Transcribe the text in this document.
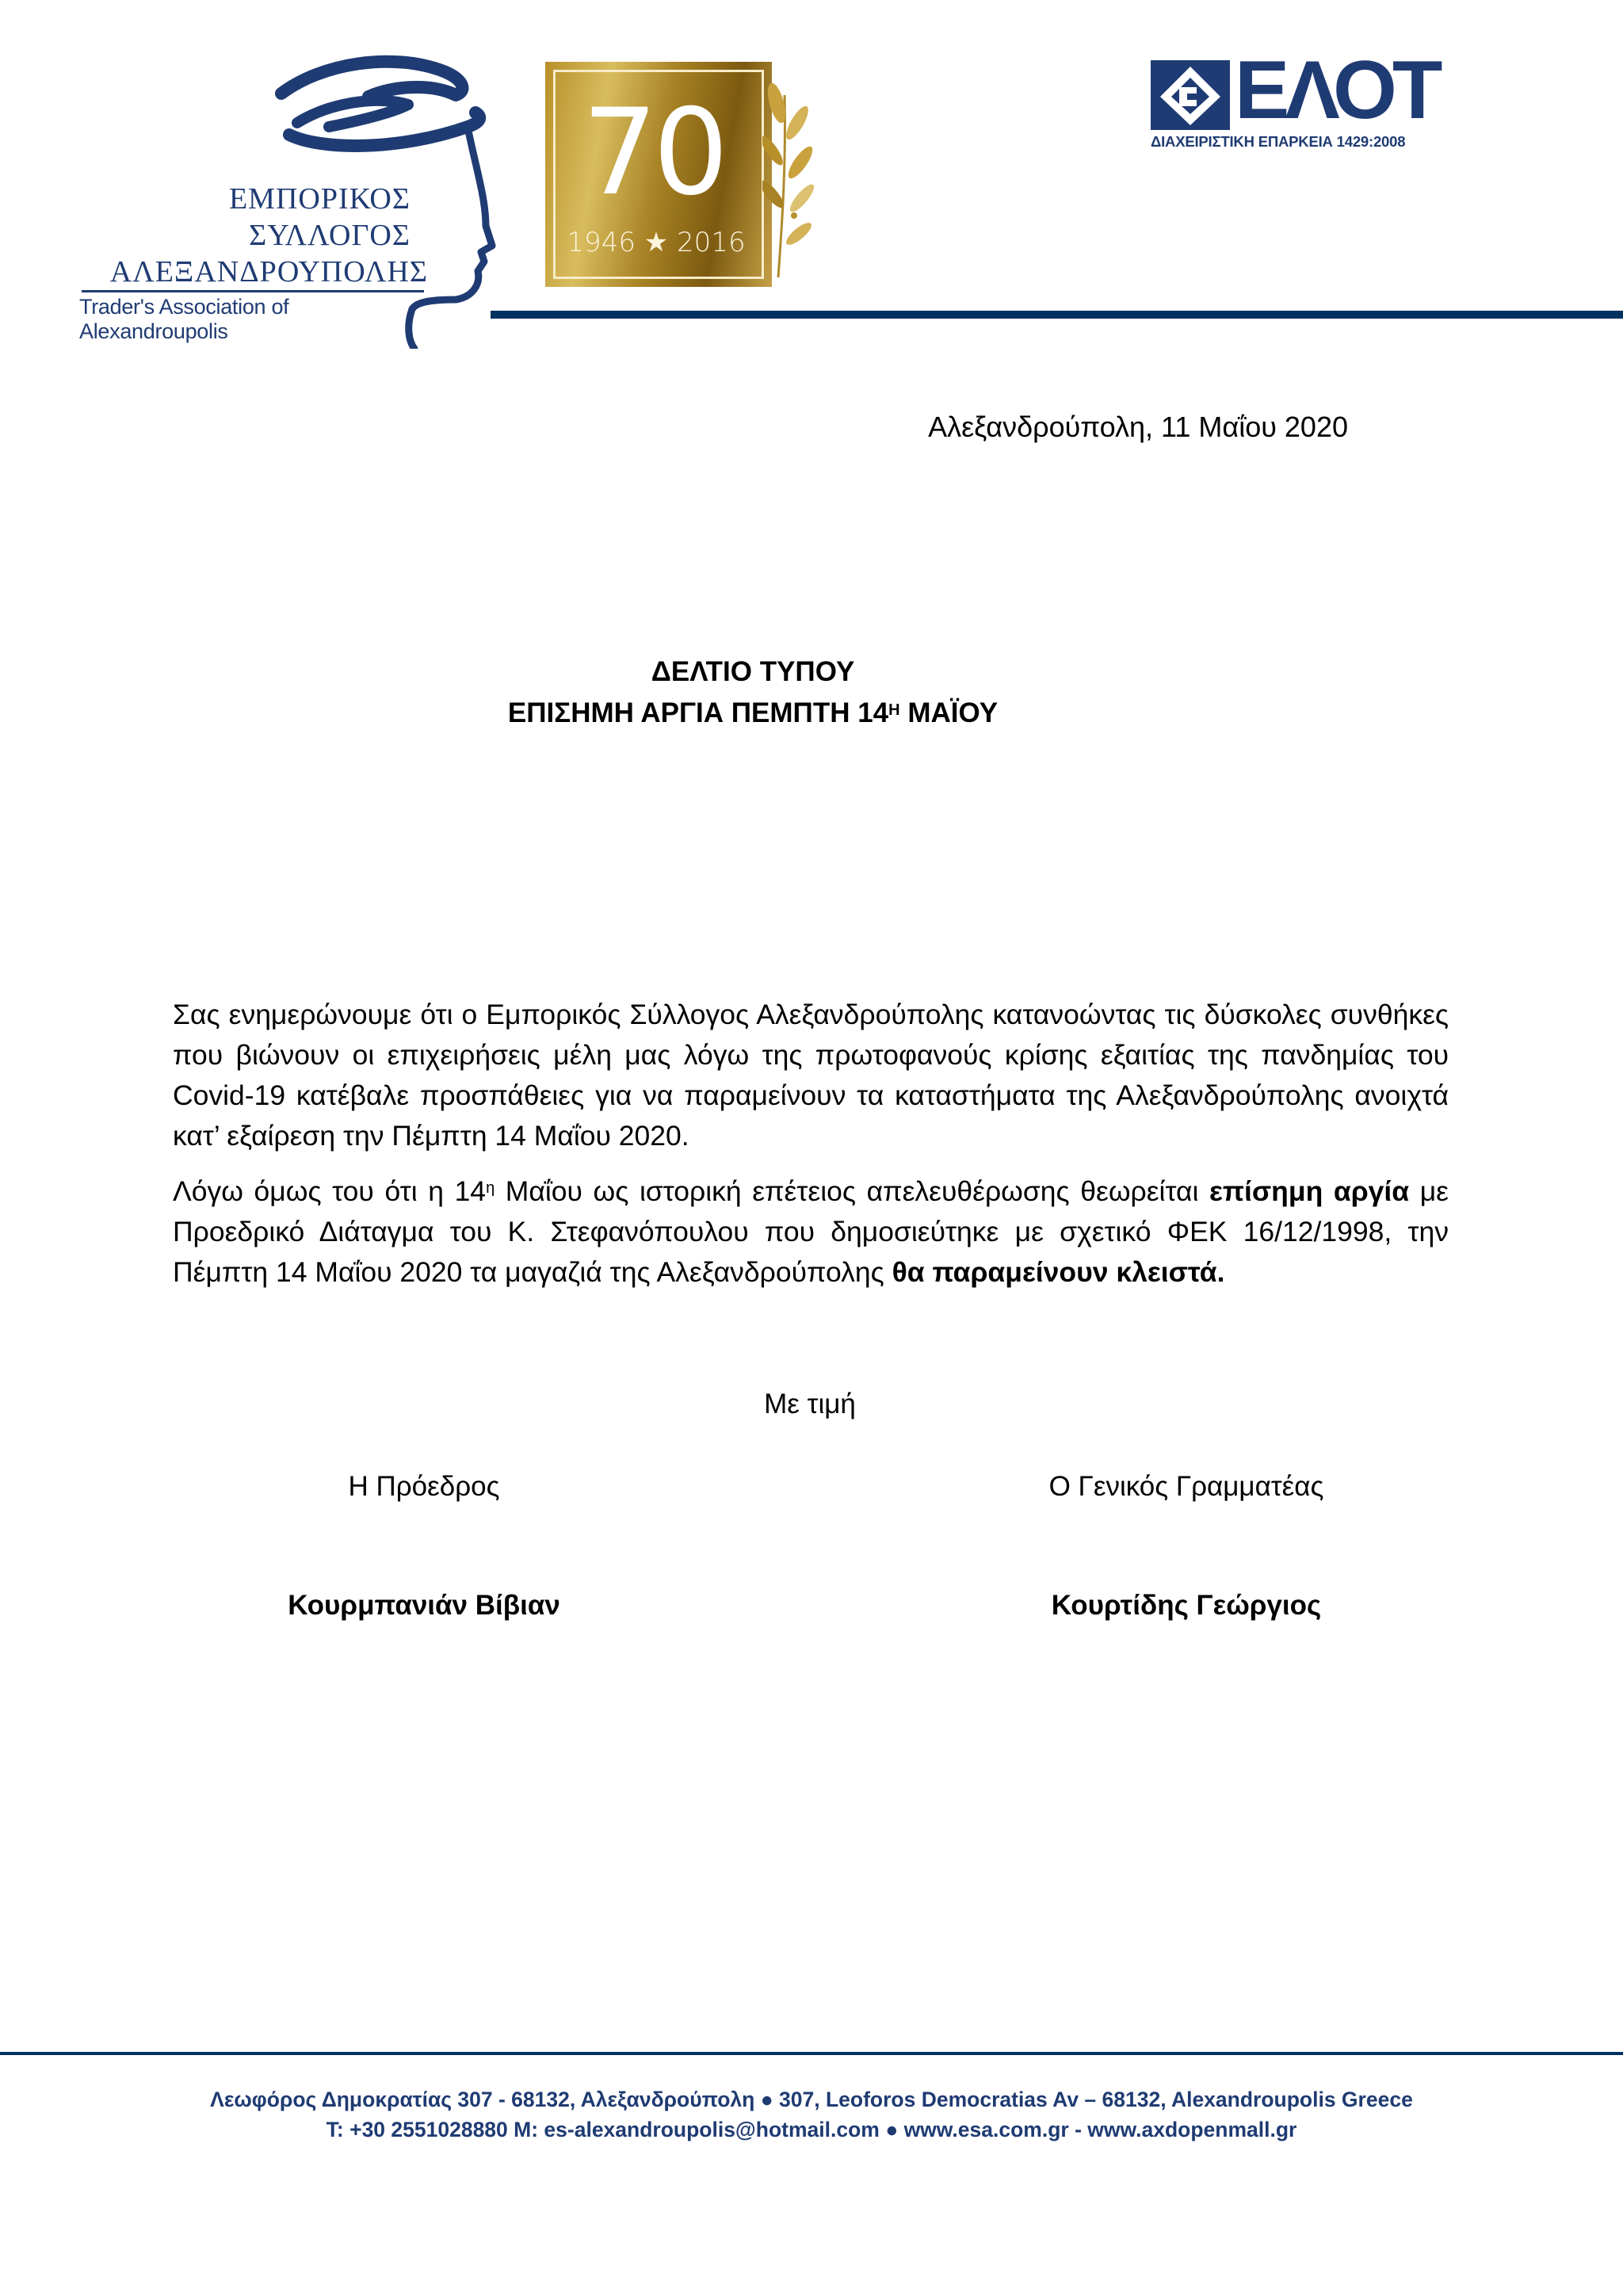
ΕΜΠΟΡΙΚΟΣ
ΣΥΛΛΟΓΟΣ
ΑΛΕΞΑΝΔΡΟΥΠΟΛΗΣ
Trader's Association of Alexandroupolis
70
1946 ★ 2016
ΕΛΟΤ
ΔΙΑΧΕΙΡΙΣΤΙΚΗ ΕΠΑΡΚΕΙΑ 1429:2008
Αλεξανδρούπολη, 11 Μαΐου 2020
ΔΕΛΤΙΟ ΤΥΠΟΥ
ΕΠΙΣΗΜΗ ΑΡΓΙΑ ΠΕΜΠΤΗ $14^H$ ΜΑΪΟΥ
Σας ενημερώνουμε ότι ο Εμπορικός Σύλλογος Αλεξανδρούπολης κατανοώντας τις δύσκολες συνθήκες που βιώνουν οι επιχειρήσεις μέλη μας λόγω της πρωτοφανούς κρίσης εξαιτίας της πανδημίας του Covid-19 κατέβαλε προσπάθειες για να παραμείνουν τα καταστήματα της Αλεξανδρούπολης ανοιχτά κατ’ εξαίρεση την Πέμπτη 14 Μαΐου 2020.
Λόγω όμως του ότι η $14^\eta$ Μαΐου ως ιστορική επέτειος απελευθέρωσης θεωρείται επίσημη αργία με Προεδρικό Διάταγμα του Κ. Στεφανόπουλου που δημοσιεύτηκε με σχετικό ΦΕΚ 16/12/1998, την Πέμπτη 14 Μαΐου 2020 τα μαγαζιά της Αλεξανδρούπολης θα παραμείνουν κλειστά.
Με τιμή
Η Πρόεδρος	Ο Γενικός Γραμματέας
Κουρμπανιάν Βίβιαν	Κουρτίδης Γεώργιος
Λεωφόρος Δημοκρατίας 307 - 68132, Αλεξανδρούπολη ● 307, Leoforos Democratias Av – 68132, Alexandroupolis Greece
T: +30 2551028880 M: es-alexandroupolis@hotmail.com ● www.esa.com.gr - www.axdopenmall.gr
